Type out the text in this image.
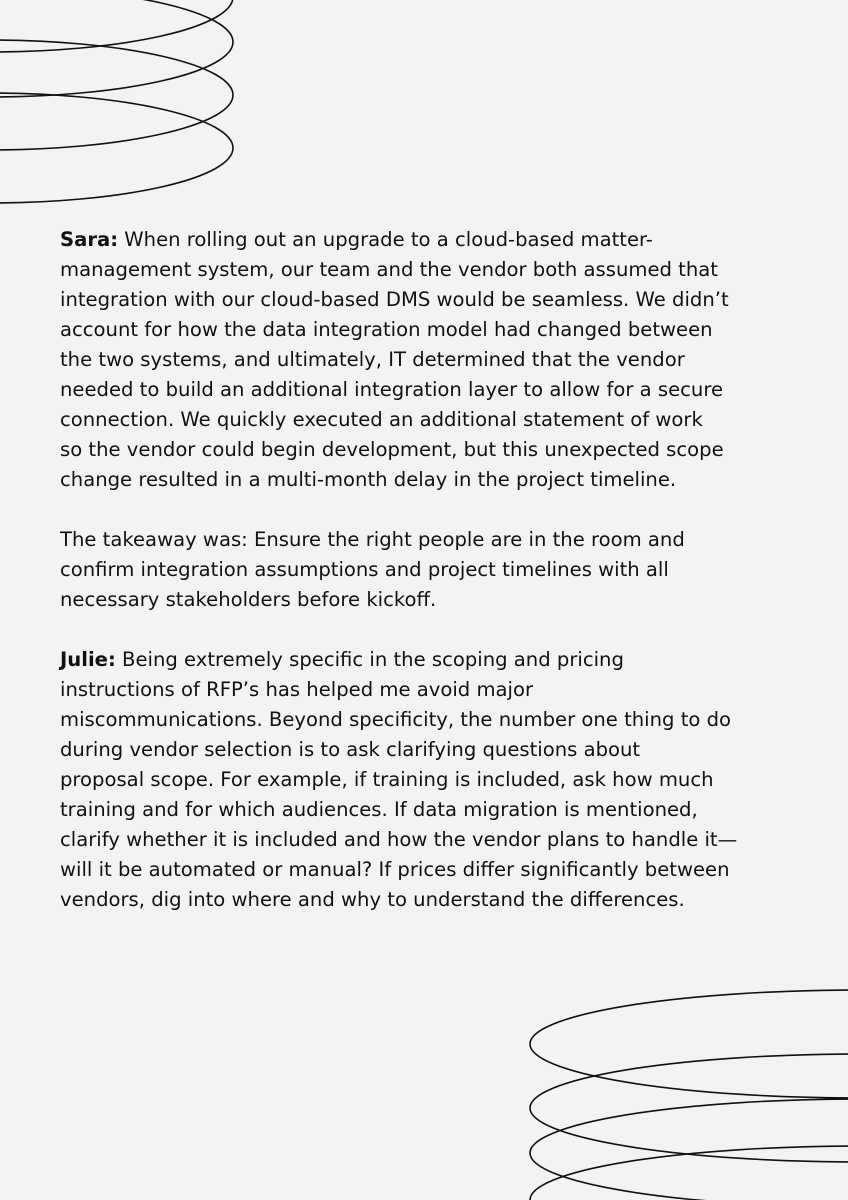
Sara: When rolling out an upgrade to a cloud-based matter-
management system, our team and the vendor both assumed that
integration with our cloud-based DMS would be seamless. We didn’t
account for how the data integration model had changed between
the two systems, and ultimately, IT determined that the vendor
needed to build an additional integration layer to allow for a secure
connection. We quickly executed an additional statement of work
so the vendor could begin development, but this unexpected scope
change resulted in a multi-month delay in the project timeline.
The takeaway was: Ensure the right people are in the room and
confirm integration assumptions and project timelines with all
necessary stakeholders before kickoff.
Julie: Being extremely specific in the scoping and pricing
instructions of RFP’s has helped me avoid major
miscommunications. Beyond specificity, the number one thing to do
during vendor selection is to ask clarifying questions about
proposal scope. For example, if training is included, ask how much
training and for which audiences. If data migration is mentioned,
clarify whether it is included and how the vendor plans to handle it—
will it be automated or manual? If prices differ significantly between
vendors, dig into where and why to understand the differences.
